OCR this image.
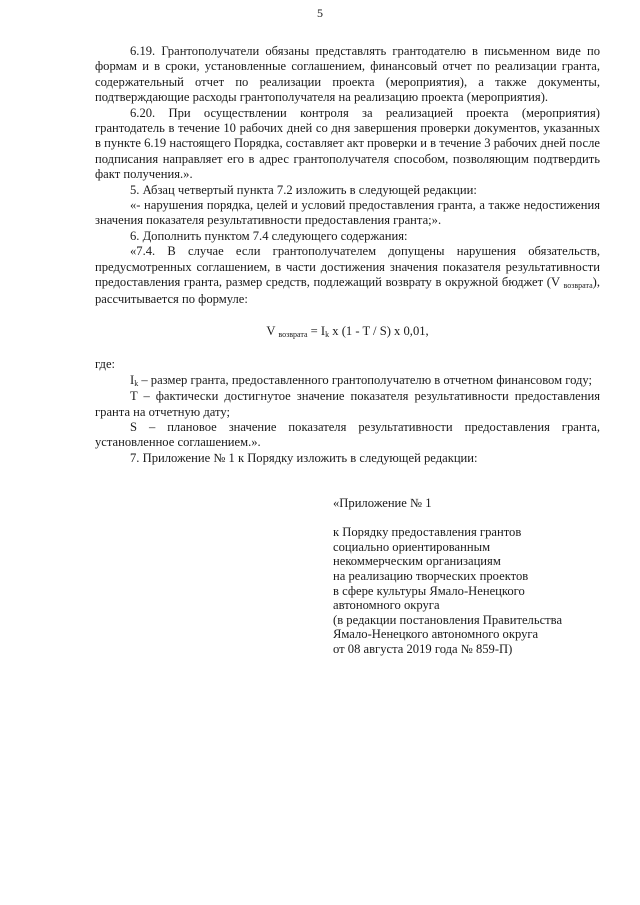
5

6.19. Грантополучатели обязаны представлять грантодателю в письменном виде по формам и в сроки, установленные соглашением, финансовый отчет по реализации гранта, содержательный отчет по реализации проекта (мероприятия), а также документы, подтверждающие расходы грантополучателя на реализацию проекта (мероприятия).

6.20. При осуществлении контроля за реализацией проекта (мероприятия) грантодатель в течение 10 рабочих дней со дня завершения проверки документов, указанных в пункте 6.19 настоящего Порядка, составляет акт проверки и в течение 3 рабочих дней после подписания направляет его в адрес грантополучателя способом, позволяющим подтвердить факт получения.».

5. Абзац четвертый пункта 7.2 изложить в следующей редакции:

«- нарушения порядка, целей и условий предоставления гранта, а также недостижения значения показателя результативности предоставления гранта;».

6. Дополнить пунктом 7.4 следующего содержания:

«7.4. В случае если грантополучателем допущены нарушения обязательств, предусмотренных соглашением, в части достижения значения показателя результативности предоставления гранта, размер средств, подлежащий возврату в окружной бюджет (V возврата), рассчитывается по формуле:

V возврата = Ik x (1 - T / S) x 0,01,

где:

Ik – размер гранта, предоставленного грантополучателю в отчетном финансовом году;

T – фактически достигнутое значение показателя результативности предоставления гранта на отчетную дату;

S – плановое значение показателя результативности предоставления гранта, установленное соглашением.».

7. Приложение № 1 к Порядку изложить в следующей редакции:

«Приложение № 1
к Порядку предоставления грантов
социально ориентированным
некоммерческим организациям
на реализацию творческих проектов
в сфере культуры Ямало-Ненецкого
автономного округа
(в редакции постановления Правительства
Ямало-Ненецкого автономного округа
от 08 августа 2019 года № 859-П)
